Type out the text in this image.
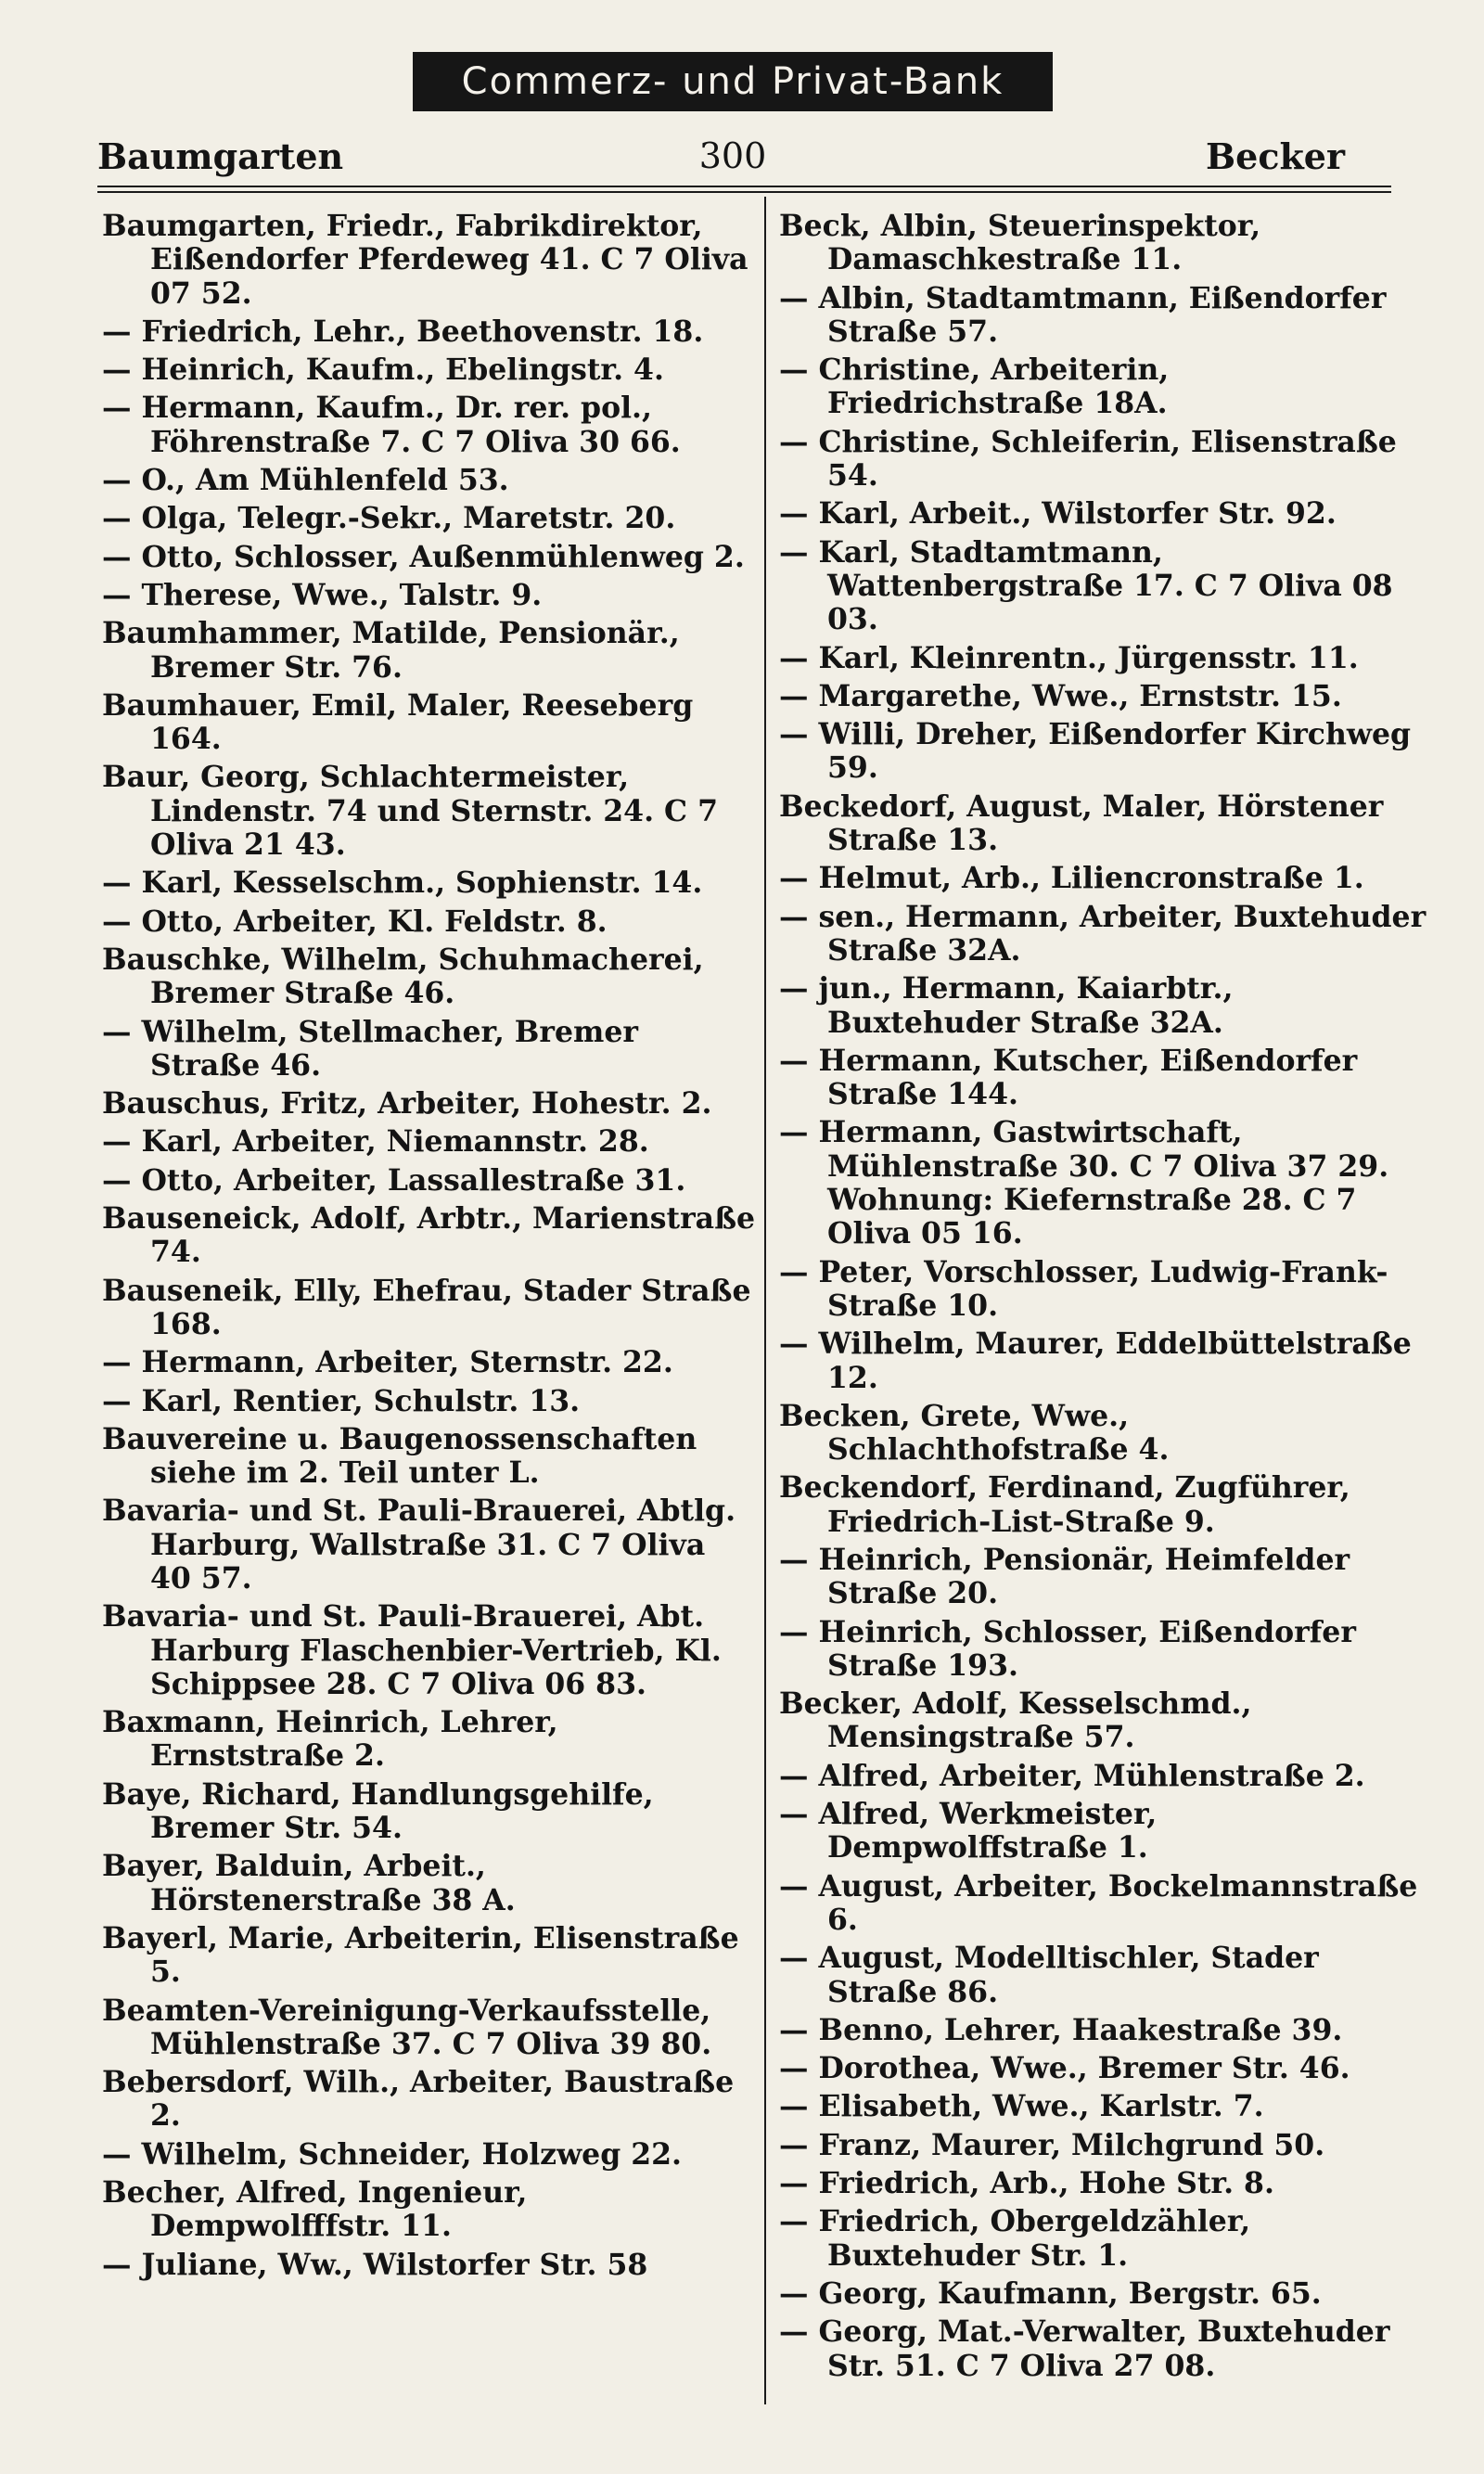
Commerz- und Privat-Bank
Baumgarten	300	Becker
Baumgarten, Friedr., Fabrikdirektor, Eißendorfer Pferdeweg 41. C 7 Oliva 07 52.
— Friedrich, Lehr., Beethovenstr. 18.
— Heinrich, Kaufm., Ebelingstr. 4.
— Hermann, Kaufm., Dr. rer. pol., Föhrenstraße 7. C 7 Oliva 30 66.
— O., Am Mühlenfeld 53.
— Olga, Telegr.-Sekr., Maretstr. 20.
— Otto, Schlosser, Außenmühlenweg 2.
— Therese, Wwe., Talstr. 9.
Baumhammer, Matilde, Pensionär., Bremer Str. 76.
Baumhauer, Emil, Maler, Reeseberg 164.
Baur, Georg, Schlachtermeister, Lindenstr. 74 und Sternstr. 24. C 7 Oliva 21 43.
— Karl, Kesselschm., Sophienstr. 14.
— Otto, Arbeiter, Kl. Feldstr. 8.
Bauschke, Wilhelm, Schuhmacherei, Bremer Straße 46.
— Wilhelm, Stellmacher, Bremer Straße 46.
Bauschus, Fritz, Arbeiter, Hohestr. 2.
— Karl, Arbeiter, Niemannstr. 28.
— Otto, Arbeiter, Lassallestraße 31.
Bauseneick, Adolf, Arbtr., Marienstraße 74.
Bauseneik, Elly, Ehefrau, Stader Straße 168.
— Hermann, Arbeiter, Sternstr. 22.
— Karl, Rentier, Schulstr. 13.
Bauvereine u. Baugenossenschaften siehe im 2. Teil unter L.
Bavaria- und St. Pauli-Brauerei, Abtlg. Harburg, Wallstraße 31. C 7 Oliva 40 57.
Bavaria- und St. Pauli-Brauerei, Abt. Harburg Flaschenbier-Vertrieb, Kl. Schippsee 28. C 7 Oliva 06 83.
Baxmann, Heinrich, Lehrer, Ernststraße 2.
Baye, Richard, Handlungsgehilfe, Bremer Str. 54.
Bayer, Balduin, Arbeit., Hörstenerstraße 38 A.
Bayerl, Marie, Arbeiterin, Elisenstraße 5.
Beamten-Vereinigung-Verkaufsstelle, Mühlenstraße 37. C 7 Oliva 39 80.
Bebersdorf, Wilh., Arbeiter, Baustraße 2.
— Wilhelm, Schneider, Holzweg 22.
Becher, Alfred, Ingenieur, Dempwolfffstr. 11.
— Juliane, Ww., Wilstorfer Str. 58
Beck, Albin, Steuerinspektor, Damaschkestraße 11.
— Albin, Stadtamtmann, Eißendorfer Straße 57.
— Christine, Arbeiterin, Friedrichstraße 18A.
— Christine, Schleiferin, Elisenstraße 54.
— Karl, Arbeit., Wilstorfer Str. 92.
— Karl, Stadtamtmann, Wattenbergstraße 17. C 7 Oliva 08 03.
— Karl, Kleinrentn., Jürgensstr. 11.
— Margarethe, Wwe., Ernststr. 15.
— Willi, Dreher, Eißendorfer Kirchweg 59.
Beckedorf, August, Maler, Hörstener Straße 13.
— Helmut, Arb., Liliencronstraße 1.
— sen., Hermann, Arbeiter, Buxtehuder Straße 32A.
— jun., Hermann, Kaiarbtr., Buxtehuder Straße 32A.
— Hermann, Kutscher, Eißendorfer Straße 144.
— Hermann, Gastwirtschaft, Mühlenstraße 30. C 7 Oliva 37 29. Wohnung: Kiefernstraße 28. C 7 Oliva 05 16.
— Peter, Vorschlosser, Ludwig-Frank-Straße 10.
— Wilhelm, Maurer, Eddelbüttelstraße 12.
Becken, Grete, Wwe., Schlachthofstraße 4.
Beckendorf, Ferdinand, Zugführer, Friedrich-List-Straße 9.
— Heinrich, Pensionär, Heimfelder Straße 20.
— Heinrich, Schlosser, Eißendorfer Straße 193.
Becker, Adolf, Kesselschmd., Mensingstraße 57.
— Alfred, Arbeiter, Mühlenstraße 2.
— Alfred, Werkmeister, Dempwolffstraße 1.
— August, Arbeiter, Bockelmannstraße 6.
— August, Modelltischler, Stader Straße 86.
— Benno, Lehrer, Haakestraße 39.
— Dorothea, Wwe., Bremer Str. 46.
— Elisabeth, Wwe., Karlstr. 7.
— Franz, Maurer, Milchgrund 50.
— Friedrich, Arb., Hohe Str. 8.
— Friedrich, Obergeldzähler, Buxtehuder Str. 1.
— Georg, Kaufmann, Bergstr. 65.
— Georg, Mat.-Verwalter, Buxtehuder Str. 51. C 7 Oliva 27 08.
